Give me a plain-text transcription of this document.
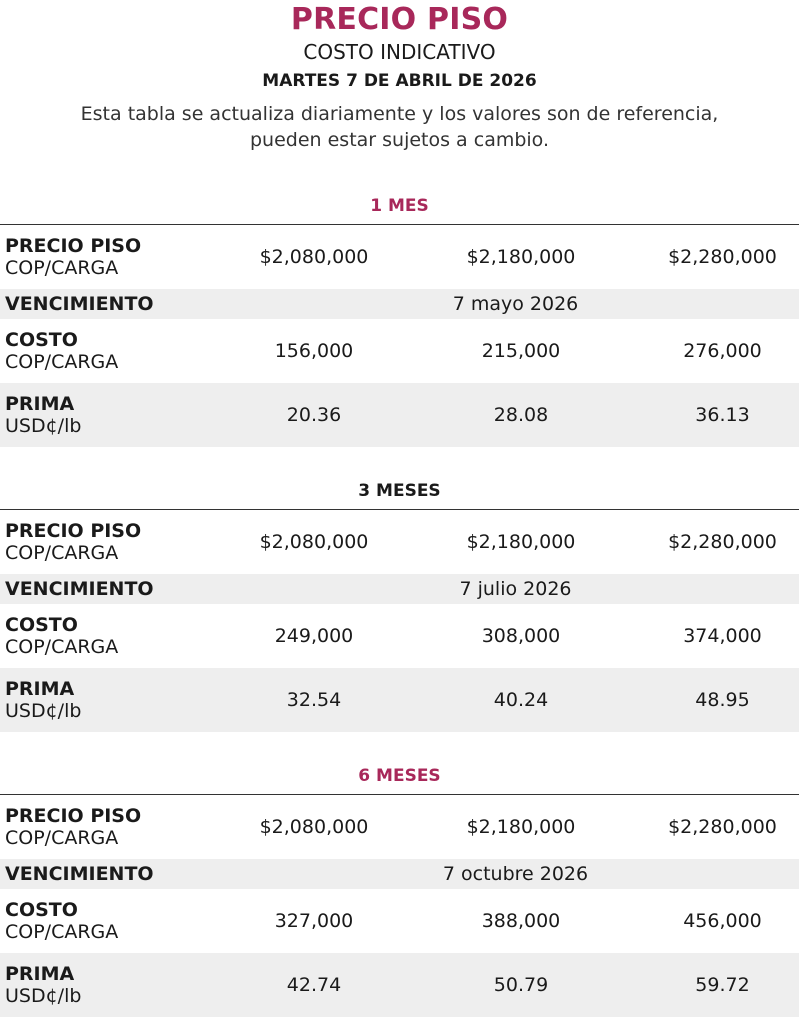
PRECIO PISO
COSTO INDICATIVO
MARTES 7 DE ABRIL DE 2026
Esta tabla se actualiza diariamente y los valores son de referencia,
pueden estar sujetos a cambio.
1 MES
PRECIO PISO
COP/CARGA	$2,080,000	$2,180,000	$2,280,000
VENCIMIENTO	7 mayo 2026
COSTO
COP/CARGA	156,000	215,000	276,000
PRIMA
USD¢/lb	20.36	28.08	36.13
3 MESES
PRECIO PISO
COP/CARGA	$2,080,000	$2,180,000	$2,280,000
VENCIMIENTO	7 julio 2026
COSTO
COP/CARGA	249,000	308,000	374,000
PRIMA
USD¢/lb	32.54	40.24	48.95
6 MESES
PRECIO PISO
COP/CARGA	$2,080,000	$2,180,000	$2,280,000
VENCIMIENTO	7 octubre 2026
COSTO
COP/CARGA	327,000	388,000	456,000
PRIMA
USD¢/lb	42.74	50.79	59.72
